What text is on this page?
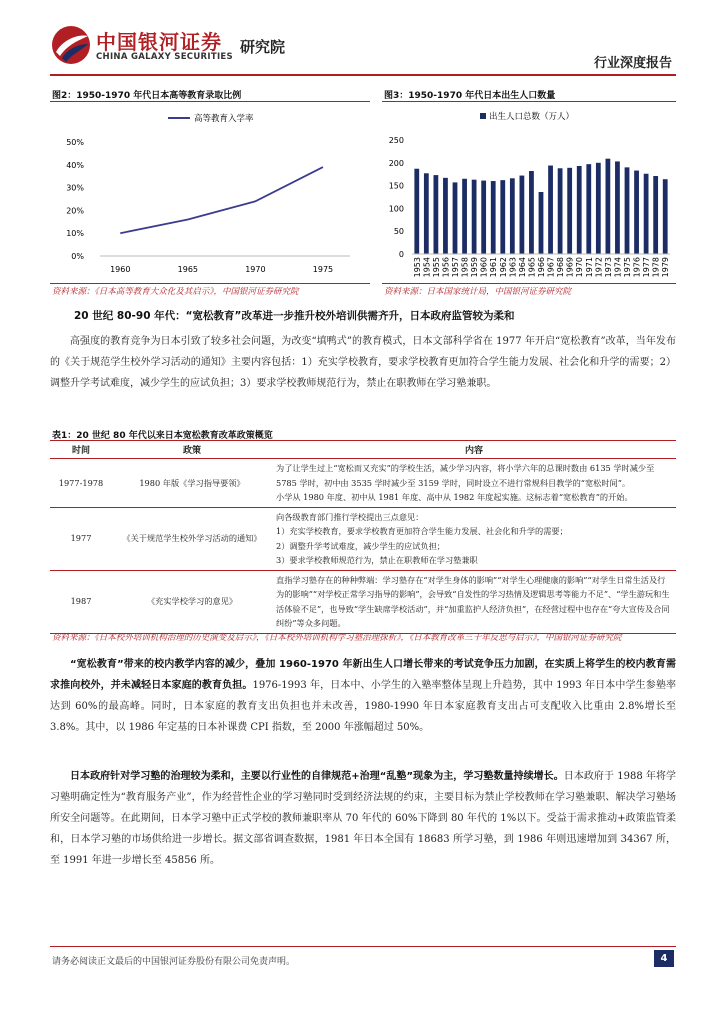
中国银河证券
CHINA GALAXY SECURITIES
研究院
行业深度报告
图2：1950-1970 年代日本高等教育录取比例
高等教育入学率
0%
10%
20%
30%
40%
50%
1960	1965	1970	1975
资料来源：《日本高等教育大众化及其启示》，中国银河证券研究院
图3：1950-1970 年代日本出生人口数量
出生人口总数（万人）
0
50
100
150
200
250
1953 1954 1955 1956 1957 1958 1959 1960 1961 1962 1963 1964 1965 1966 1967 1968 1969 1970 1971 1972 1973 1974 1975 1976 1977 1978 1979
资料来源：日本国家统计局，中国银河证券研究院
20 世纪 80-90 年代：“宽松教育”改革进一步推升校外培训供需齐升，日本政府监管较为柔和
高强度的教育竞争为日本引致了较多社会问题，为改变“填鸭式”的教育模式，日本文部科学省在 1977 年开启“宽松教育”改革，当年发布的《关于规范学生校外学习活动的通知》主要内容包括：1）充实学校教育，要求学校教育更加符合学生能力发展、社会化和升学的需要；2）调整升学考试难度，减少学生的应试负担；3）要求学校教师规范行为，禁止在职教师在学习塾兼职。
表1：20 世纪 80 年代以来日本宽松教育改革政策概览
时间	政策	内容
1977-1978	1980 年版《学习指导要领》	为了让学生过上“宽松而又充实”的学校生活，减少学习内容，将小学六年的总课时数由 6135 学时减少至 5785 学时，初中由 3535 学时减少至 3159 学时，同时设立不进行常规科目教学的“宽松时间”。
小学从 1980 年度、初中从 1981 年度、高中从 1982 年度起实施。这标志着“宽松教育”的开始。

1977	《关于规范学生校外学习活动的通知》	向各级教育部门推行学校提出三点意见：
1）充实学校教育，要求学校教育更加符合学生能力发展、社会化和升学的需要；
2）调整升学考试难度，减少学生的应试负担；
3）要求学校教师规范行为，禁止在职教师在学习塾兼职

1987	《充实学校学习的意见》	直指学习塾存在的种种弊端：学习塾存在“对学生身体的影响”“对学生心理健康的影响”“对学生日常生活及行为的影响”“对学校正常学习指导的影响”，会导致“自发性的学习热情及逻辑思考等能力不足”、“学生游玩和生活体验不足”，也导致“学生缺席学校活动”，并“加重监护人经济负担”，在经营过程中也存在“夸大宣传及合同纠纷”等众多问题。
资料来源：《日本校外培训机构治理的历史演变及启示》，《日本校外培训机构学习塾治理探析》，《日本教育改革三十年反思与启示》，中国银河证券研究院
“宽松教育”带来的校内教学内容的减少，叠加 1960-1970 年新出生人口增长带来的考试竞争压力加剧，在实质上将学生的校内教育需求推向校外，并未减轻日本家庭的教育负担。1976-1993 年，日本中、小学生的入塾率整体呈现上升趋势，其中 1993 年日本中学生参塾率达到 60%的最高峰。同时，日本家庭的教育支出负担也并未改善，1980-1990 年日本家庭教育支出占可支配收入比重由 2.8%增长至 3.8%。其中，以 1986 年定基的日本补课费 CPI 指数，至 2000 年涨幅超过 50%。
日本政府针对学习塾的治理较为柔和，主要以行业性的自律规范+治理“乱塾”现象为主，学习塾数量持续增长。日本政府于 1988 年将学习塾明确定性为“教育服务产业”，作为经营性企业的学习塾同时受到经济法规的约束，主要目标为禁止学校教师在学习塾兼职、解决学习塾场所安全问题等。在此期间，日本学习塾中正式学校的教师兼职率从 70 年代的 60%下降到 80 年代的 1%以下。受益于需求推动+政策监管柔和，日本学习塾的市场供给进一步增长。据文部省调查数据，1981 年日本全国有 18683 所学习塾，到 1986 年则迅速增加到 34367 所，至 1991 年进一步增长至 45856 所。
请务必阅读正文最后的中国银河证券股份有限公司免责声明。	4
